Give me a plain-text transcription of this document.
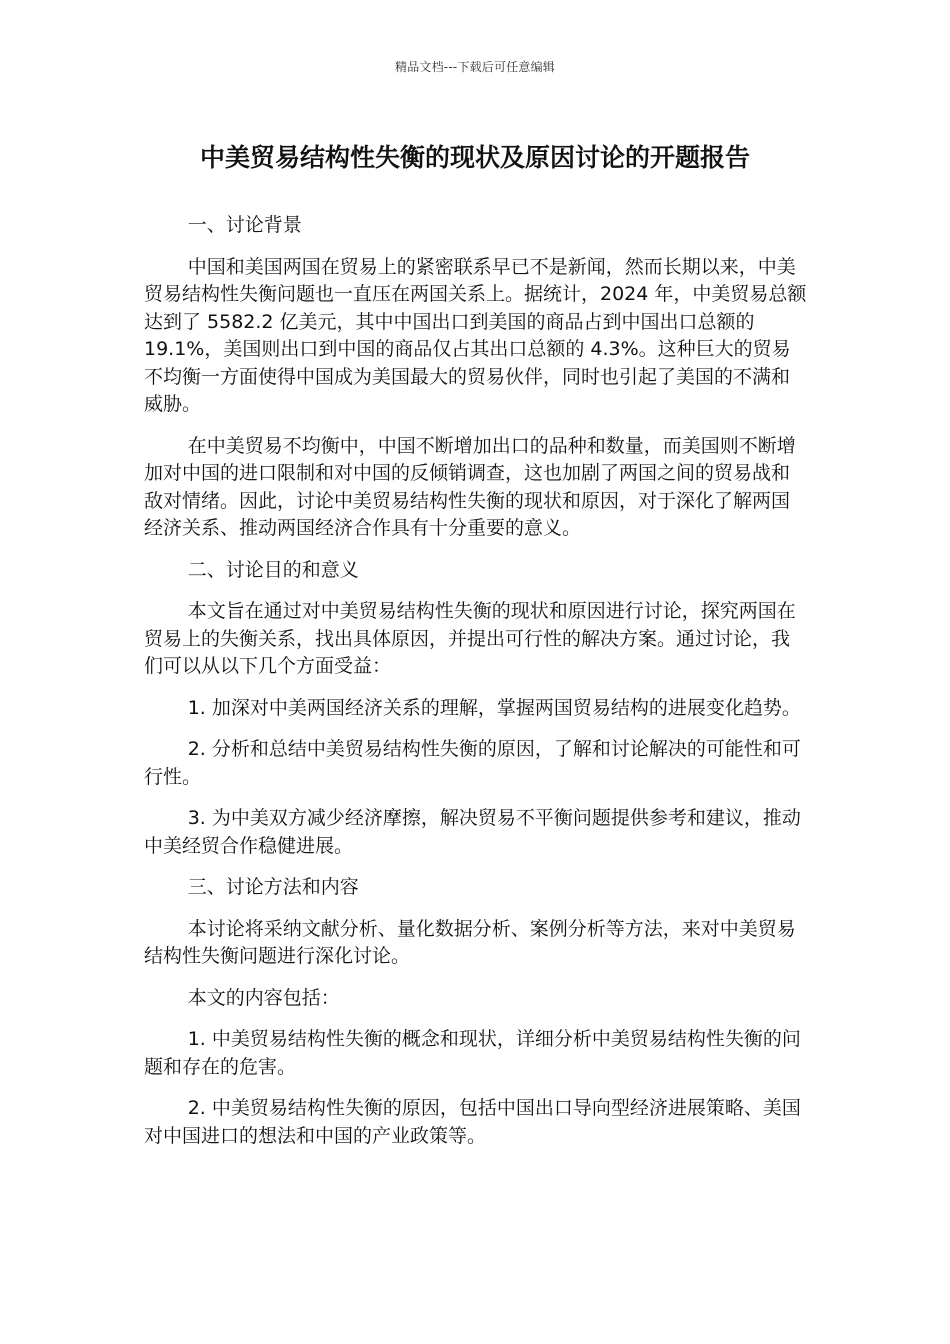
精品文档---下载后可任意编辑
中美贸易结构性失衡的现状及原因讨论的开题报告

一、讨论背景

中国和美国两国在贸易上的紧密联系早已不是新闻，然而长期以来，中美贸易结构性失衡问题也一直压在两国关系上。据统计，2024 年，中美贸易总额达到了 5582.2 亿美元，其中中国出口到美国的商品占到中国出口总额的 19.1%，美国则出口到中国的商品仅占其出口总额的 4.3%。这种巨大的贸易不均衡一方面使得中国成为美国最大的贸易伙伴，同时也引起了美国的不满和威胁。

在中美贸易不均衡中，中国不断增加出口的品种和数量，而美国则不断增加对中国的进口限制和对中国的反倾销调查，这也加剧了两国之间的贸易战和敌对情绪。因此，讨论中美贸易结构性失衡的现状和原因，对于深化了解两国经济关系、推动两国经济合作具有十分重要的意义。

二、讨论目的和意义

本文旨在通过对中美贸易结构性失衡的现状和原因进行讨论，探究两国在贸易上的失衡关系，找出具体原因，并提出可行性的解决方案。通过讨论，我们可以从以下几个方面受益：

1. 加深对中美两国经济关系的理解，掌握两国贸易结构的进展变化趋势。

2. 分析和总结中美贸易结构性失衡的原因，了解和讨论解决的可能性和可行性。

3. 为中美双方减少经济摩擦，解决贸易不平衡问题提供参考和建议，推动中美经贸合作稳健进展。

三、讨论方法和内容

本讨论将采纳文献分析、量化数据分析、案例分析等方法，来对中美贸易结构性失衡问题进行深化讨论。

本文的内容包括：

1. 中美贸易结构性失衡的概念和现状，详细分析中美贸易结构性失衡的问题和存在的危害。

2. 中美贸易结构性失衡的原因，包括中国出口导向型经济进展策略、美国对中国进口的想法和中国的产业政策等。
